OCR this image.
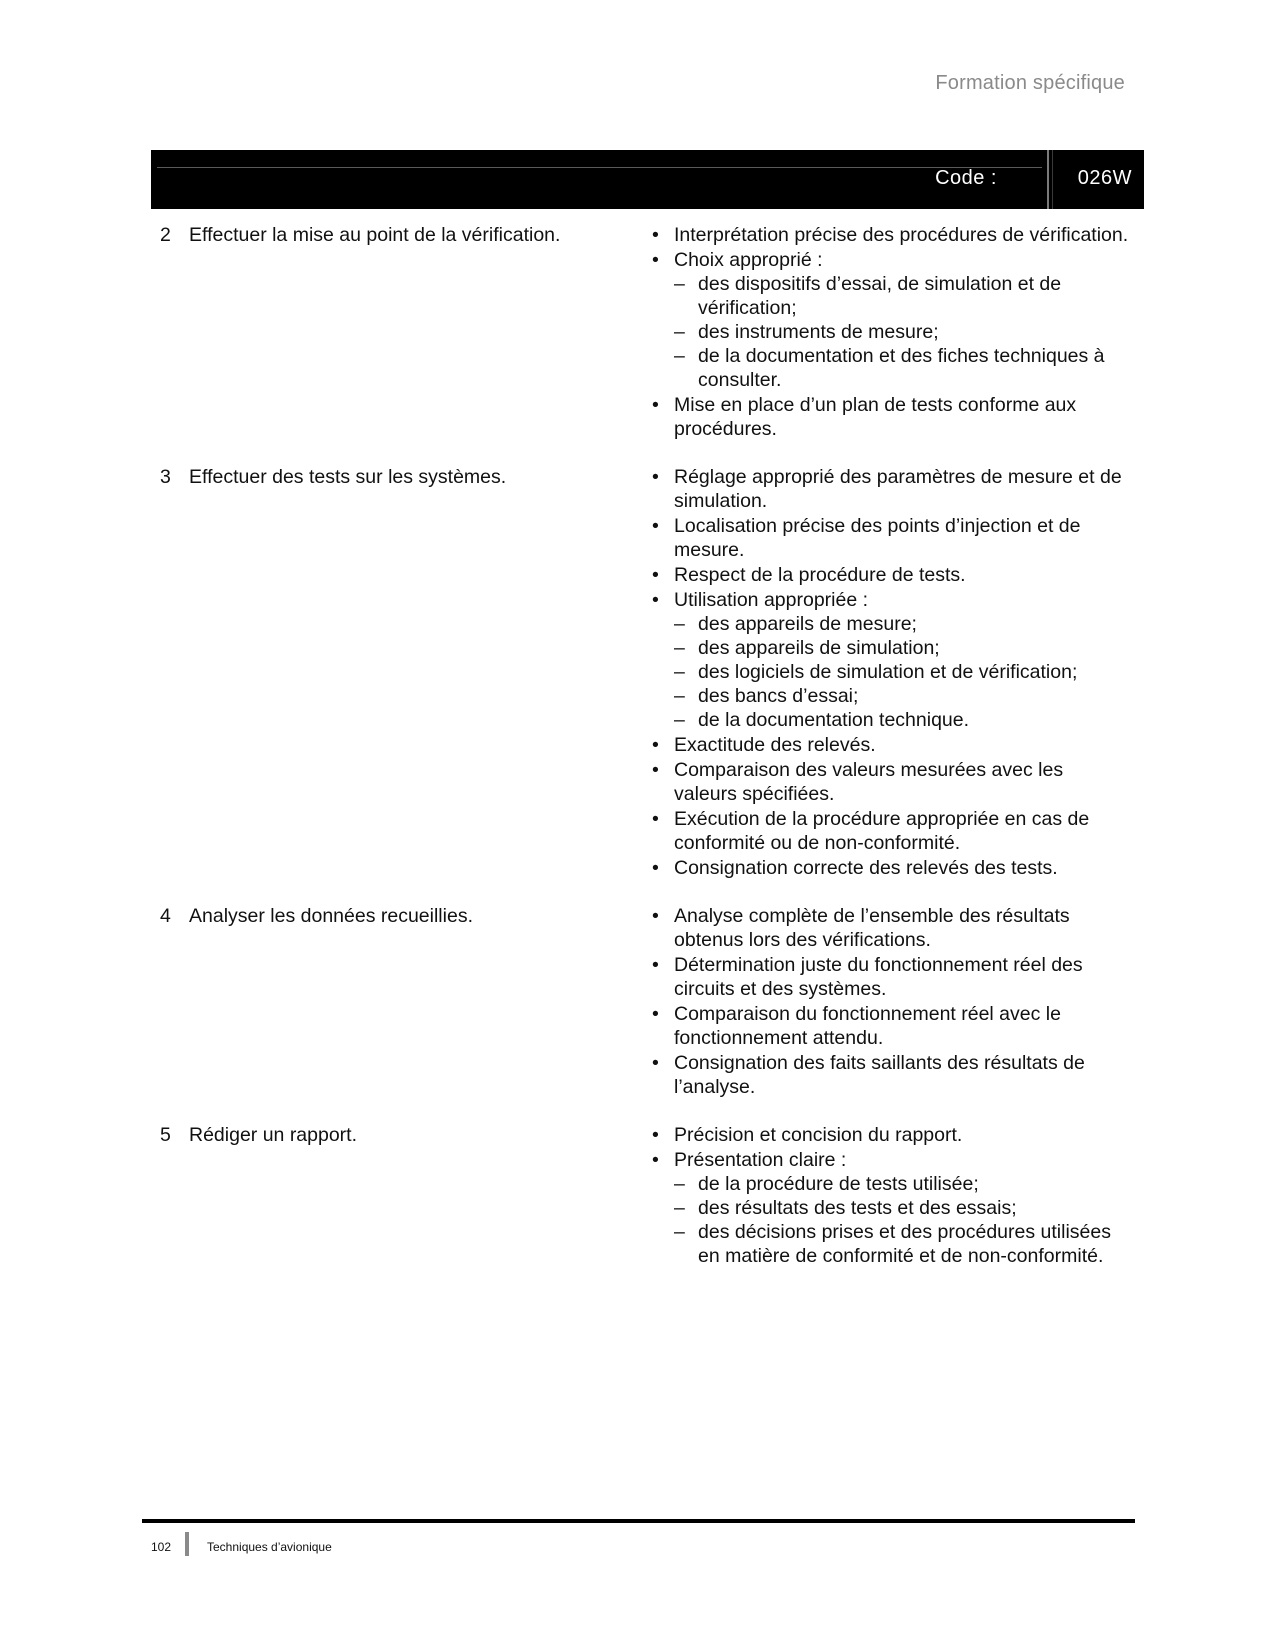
Formation spécifique
Code :	026W
2 Effectuer la mise au point de la vérification.	• Interprétation précise des procédures de vérification.
• Choix approprié :
– des dispositifs d’essai, de simulation et de vérification;
– des instruments de mesure;
– de la documentation et des fiches techniques à consulter.
• Mise en place d’un plan de tests conforme aux procédures.
3 Effectuer des tests sur les systèmes.	• Réglage approprié des paramètres de mesure et de simulation.
• Localisation précise des points d’injection et de mesure.
• Respect de la procédure de tests.
• Utilisation appropriée :
– des appareils de mesure;
– des appareils de simulation;
– des logiciels de simulation et de vérification;
– des bancs d’essai;
– de la documentation technique.
• Exactitude des relevés.
• Comparaison des valeurs mesurées avec les valeurs spécifiées.
• Exécution de la procédure appropriée en cas de conformité ou de non-conformité.
• Consignation correcte des relevés des tests.
4 Analyser les données recueillies.	• Analyse complète de l’ensemble des résultats obtenus lors des vérifications.
• Détermination juste du fonctionnement réel des circuits et des systèmes.
• Comparaison du fonctionnement réel avec le fonctionnement attendu.
• Consignation des faits saillants des résultats de l’analyse.
5 Rédiger un rapport.	• Précision et concision du rapport.
• Présentation claire :
– de la procédure de tests utilisée;
– des résultats des tests et des essais;
– des décisions prises et des procédures utilisées en matière de conformité et de non-conformité.
102	Techniques d’avionique
